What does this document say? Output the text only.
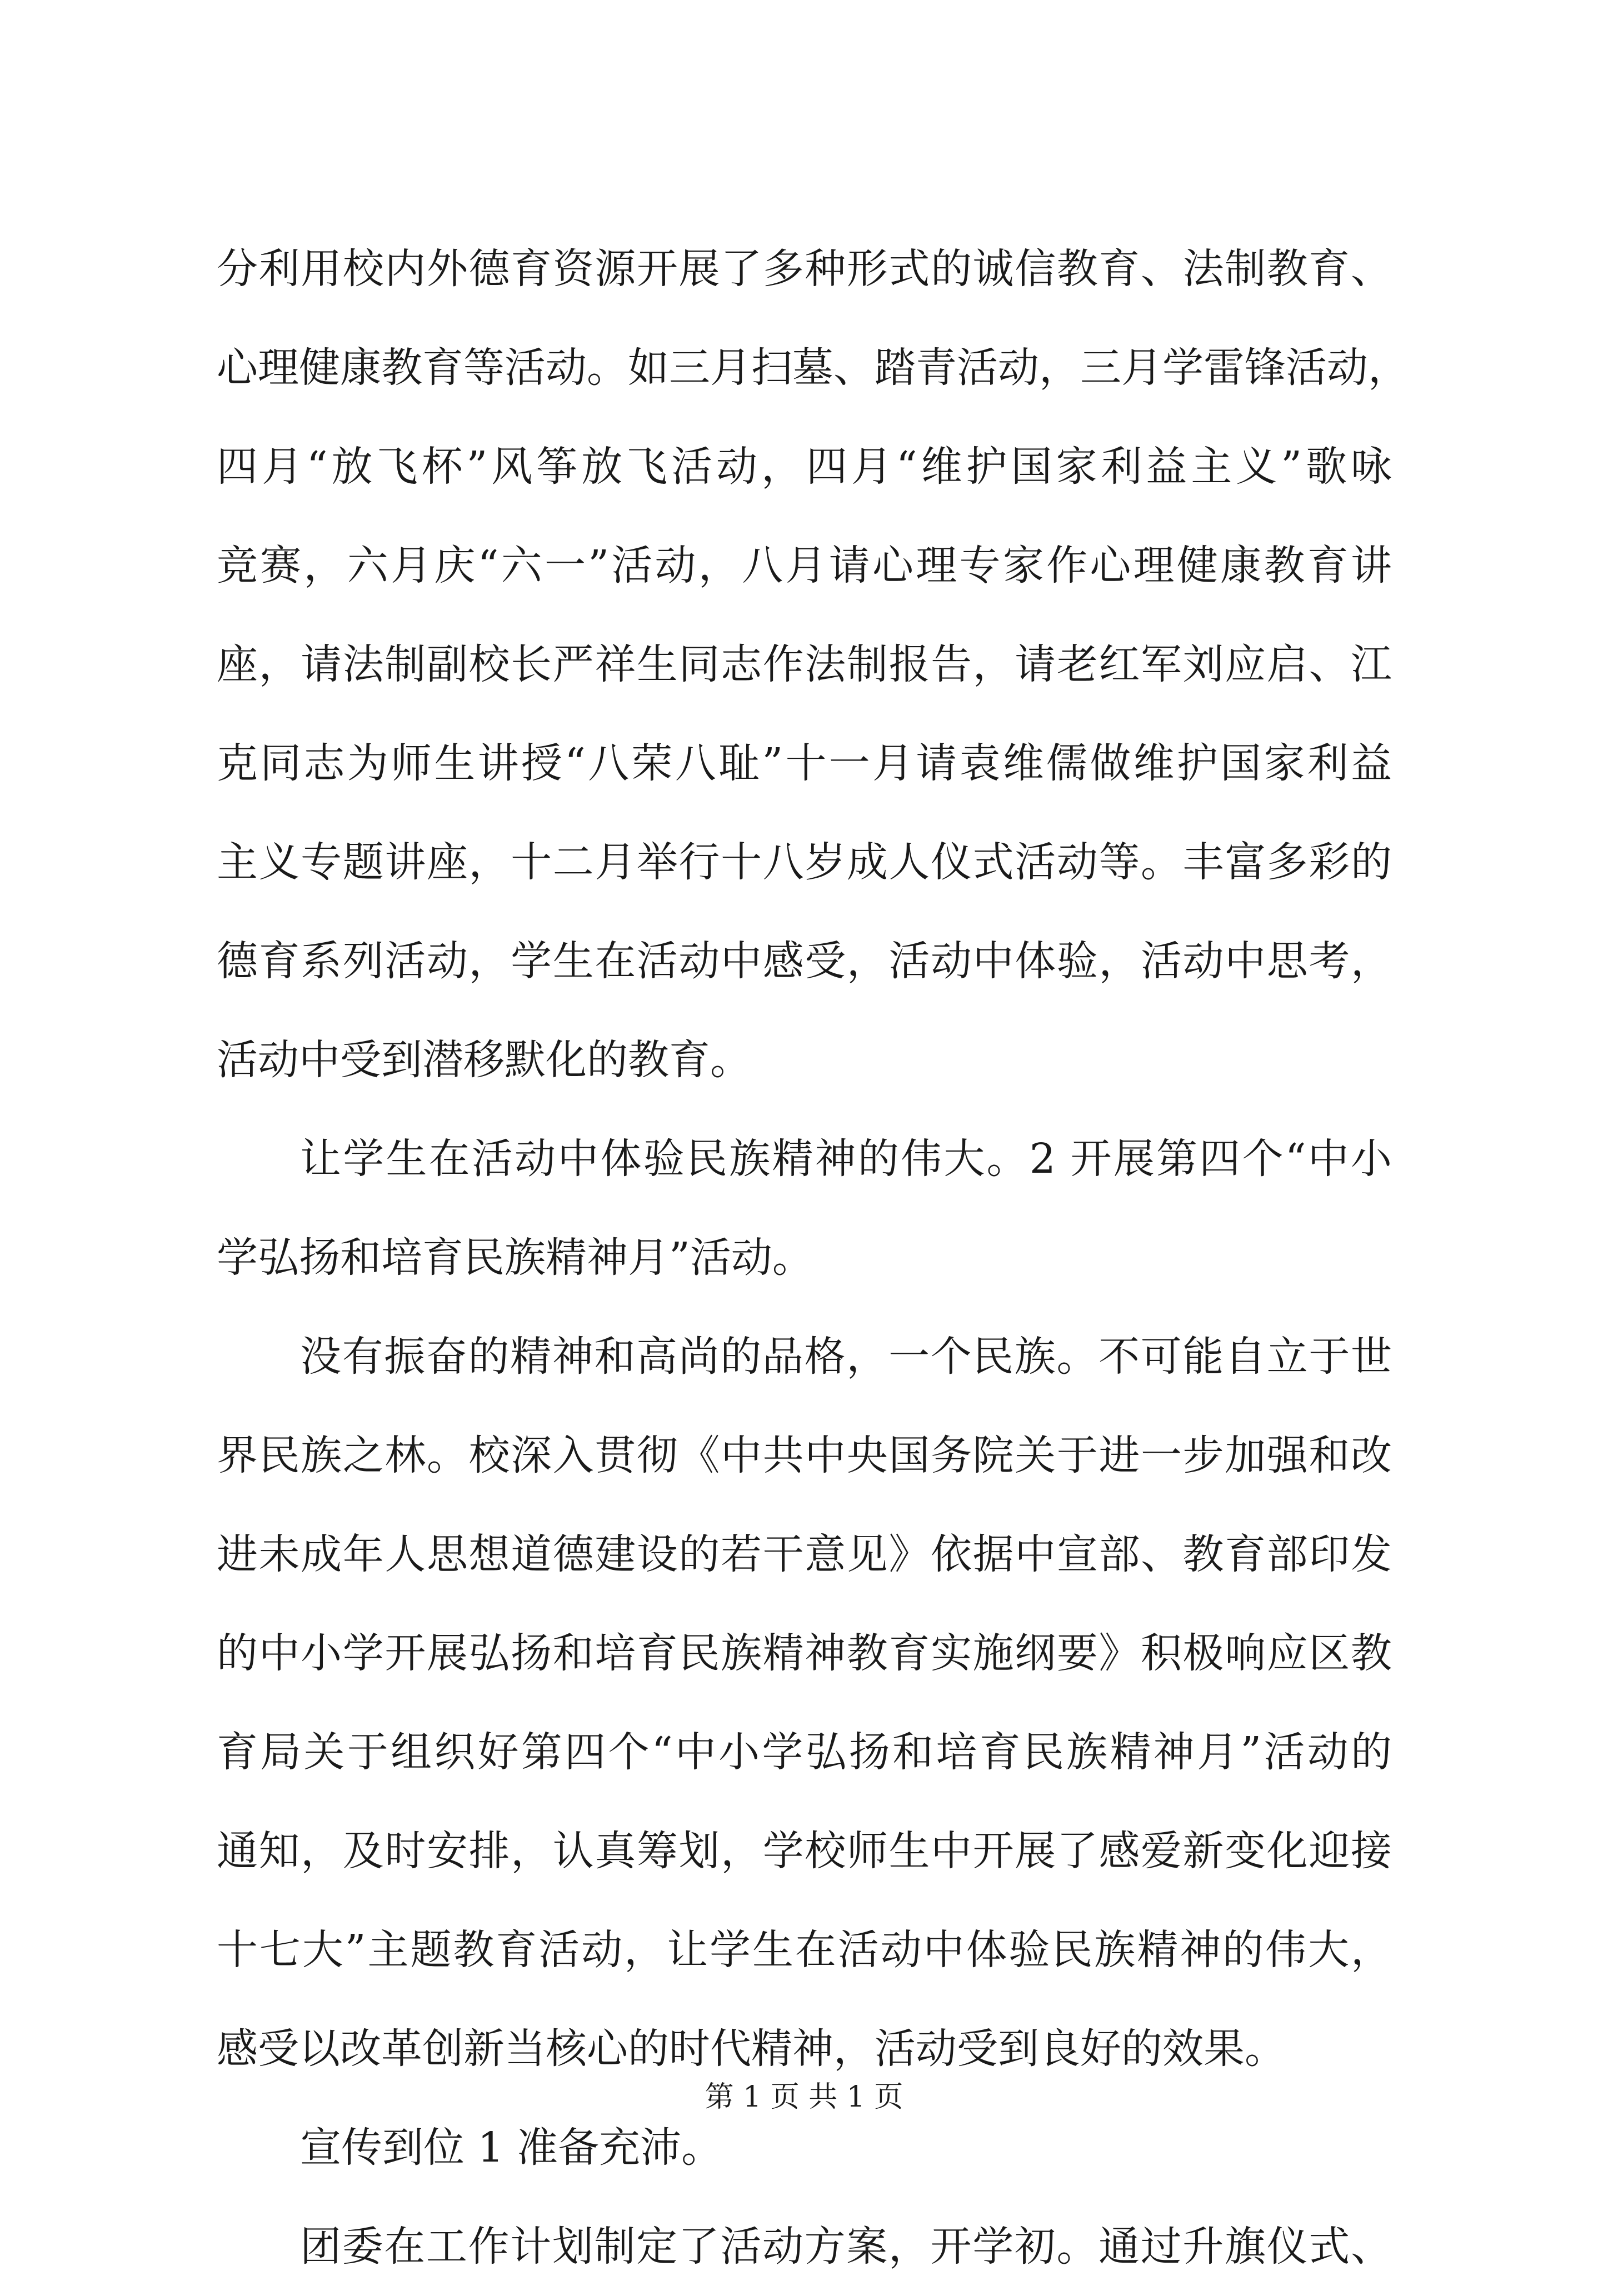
分利用校内外德育资源开展了多种形式的诚信教育、法制教育、
心理健康教育等活动。如三月扫墓、踏青活动，三月学雷锋活动，
四月“放飞杯”风筝放飞活动，四月“维护国家利益主义”歌咏
竞赛，六月庆“六一”活动，八月请心理专家作心理健康教育讲
座，请法制副校长严祥生同志作法制报告，请老红军刘应启、江
克同志为师生讲授“八荣八耻”十一月请袁维儒做维护国家利益
主义专题讲座，十二月举行十八岁成人仪式活动等。丰富多彩的
德育系列活动，学生在活动中感受，活动中体验，活动中思考，
活动中受到潜移默化的教育。
让学生在活动中体验民族精神的伟大。2 开展第四个“中小
学弘扬和培育民族精神月”活动。
没有振奋的精神和高尚的品格，一个民族。不可能自立于世
界民族之林。校深入贯彻《中共中央国务院关于进一步加强和改
进未成年人思想道德建设的若干意见》依据中宣部、教育部印发
的中小学开展弘扬和培育民族精神教育实施纲要》积极响应区教
育局关于组织好第四个“中小学弘扬和培育民族精神月”活动的
通知，及时安排，认真筹划，学校师生中开展了感爱新变化迎接
十七大”主题教育活动，让学生在活动中体验民族精神的伟大，
感受以改革创新当核心的时代精神，活动受到良好的效果。
宣传到位 1 准备充沛。
团委在工作计划制定了活动方案，开学初。通过升旗仪式、
第 1 页 共 1 页
